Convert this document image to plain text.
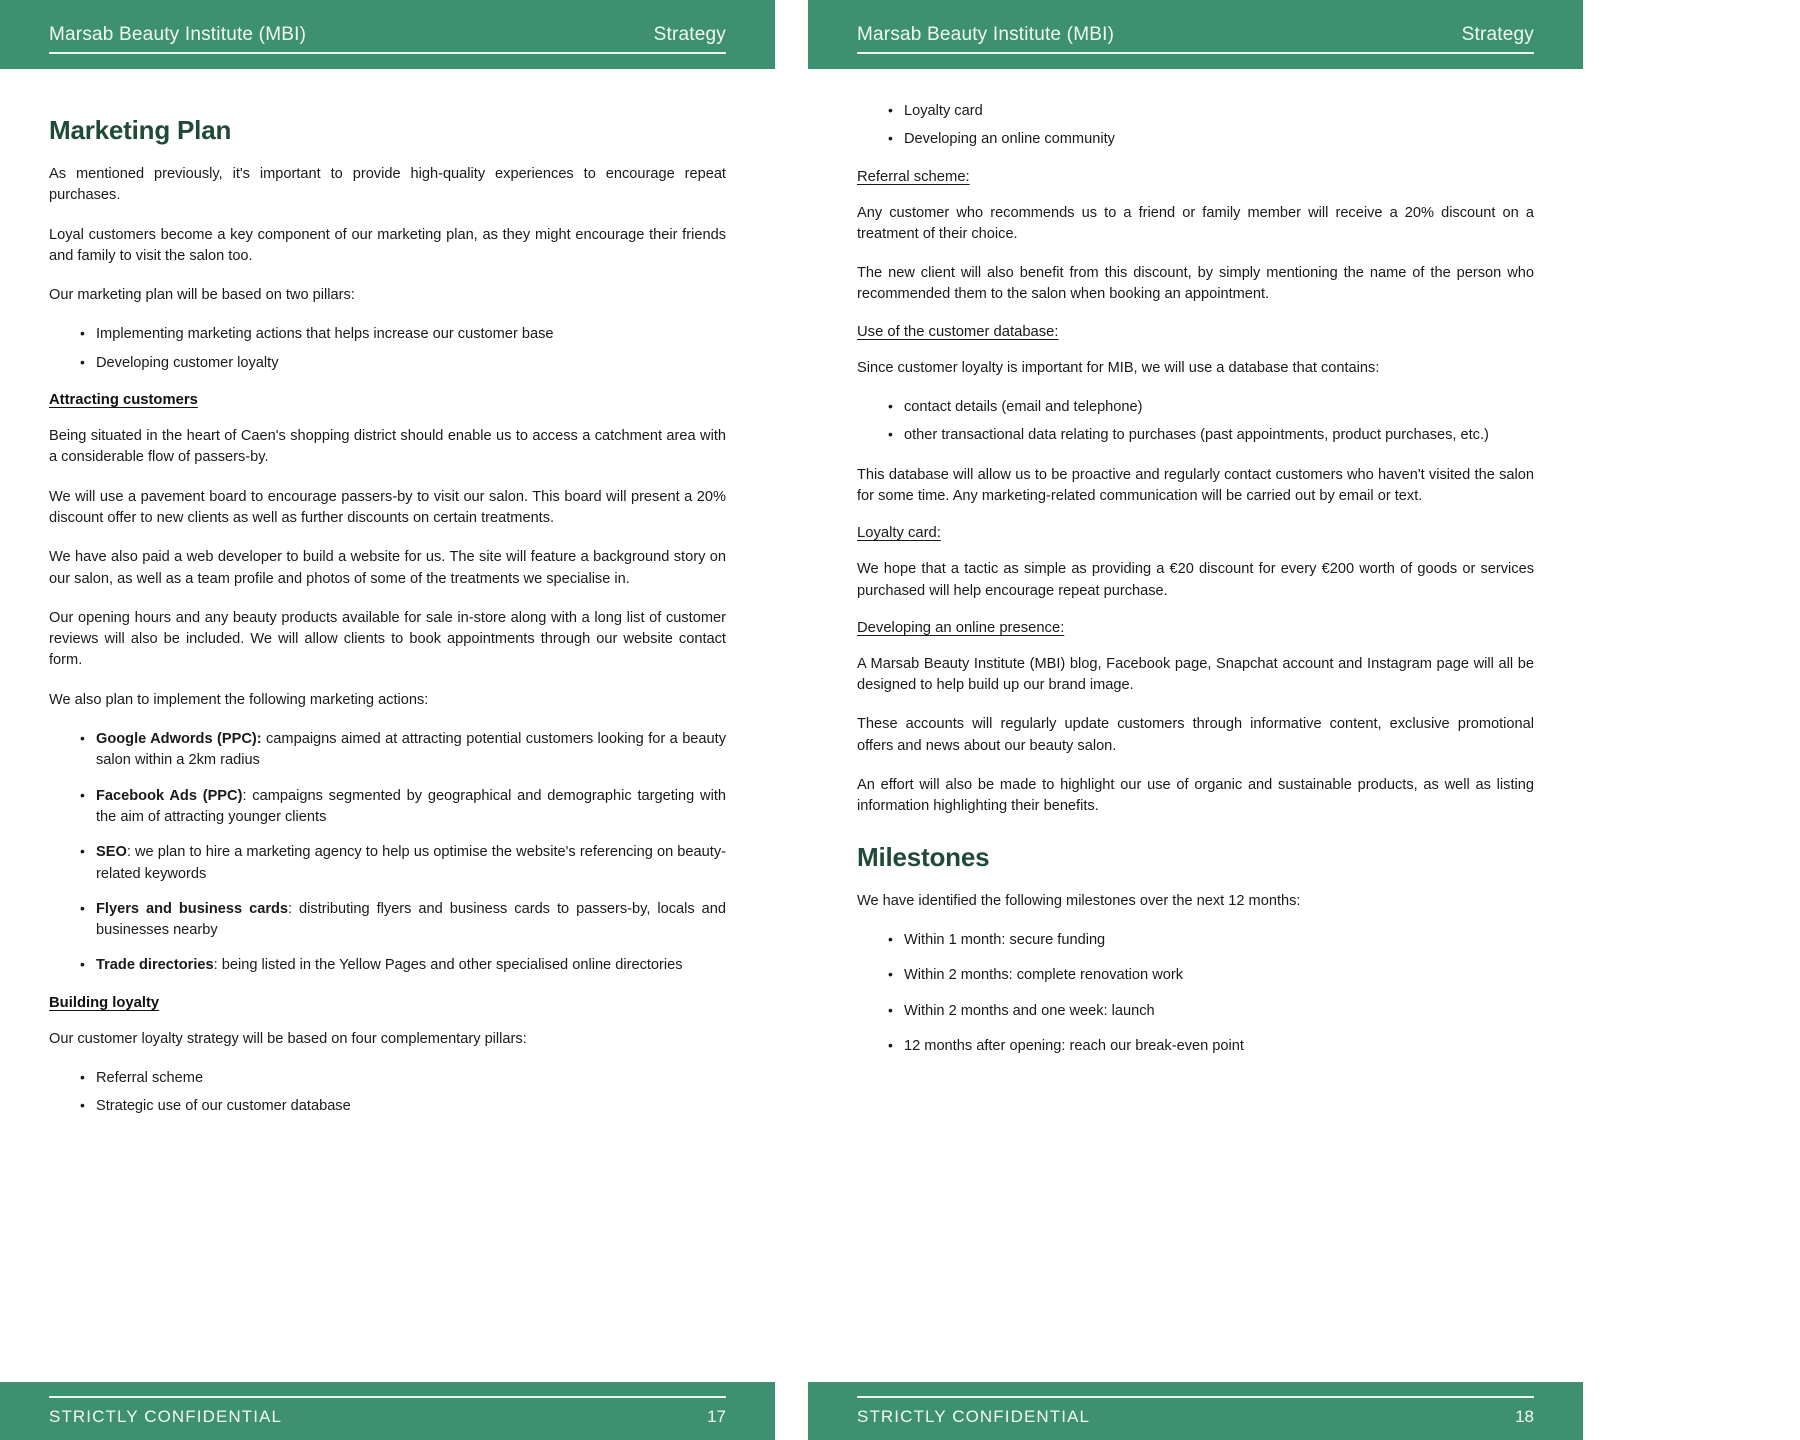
Marsab Beauty Institute (MBI)	Strategy
Marketing Plan

As mentioned previously, it's important to provide high-quality experiences to encourage repeat purchases.

Loyal customers become a key component of our marketing plan, as they might encourage their friends and family to visit the salon too.

Our marketing plan will be based on two pillars:

• Implementing marketing actions that helps increase our customer base
• Developing customer loyalty
Attracting customers

Being situated in the heart of Caen's shopping district should enable us to access a catchment area with a considerable flow of passers-by.

We will use a pavement board to encourage passers-by to visit our salon. This board will present a 20% discount offer to new clients as well as further discounts on certain treatments.

We have also paid a web developer to build a website for us. The site will feature a background story on our salon, as well as a team profile and photos of some of the treatments we specialise in.

Our opening hours and any beauty products available for sale in-store along with a long list of customer reviews will also be included. We will allow clients to book appointments through our website contact form.

We also plan to implement the following marketing actions:

• Google Adwords (PPC): campaigns aimed at attracting potential customers looking for a beauty salon within a 2km radius
• Facebook Ads (PPC): campaigns segmented by geographical and demographic targeting with the aim of attracting younger clients
• SEO: we plan to hire a marketing agency to help us optimise the website's referencing on beauty-related keywords
• Flyers and business cards: distributing flyers and business cards to passers-by, locals and businesses nearby
• Trade directories: being listed in the Yellow Pages and other specialised online directories
Building loyalty

Our customer loyalty strategy will be based on four complementary pillars:

• Referral scheme
• Strategic use of our customer database
STRICTLY CONFIDENTIAL	17
Marsab Beauty Institute (MBI)	Strategy
• Loyalty card
• Developing an online community
Referral scheme:

Any customer who recommends us to a friend or family member will receive a 20% discount on a treatment of their choice.

The new client will also benefit from this discount, by simply mentioning the name of the person who recommended them to the salon when booking an appointment.

Use of the customer database:

Since customer loyalty is important for MIB, we will use a database that contains:

• contact details (email and telephone)
• other transactional data relating to purchases (past appointments, product purchases, etc.)

This database will allow us to be proactive and regularly contact customers who haven't visited the salon for some time. Any marketing-related communication will be carried out by email or text.

Loyalty card:

We hope that a tactic as simple as providing a €20 discount for every €200 worth of goods or services purchased will help encourage repeat purchase.

Developing an online presence:

A Marsab Beauty Institute (MBI) blog, Facebook page, Snapchat account and Instagram page will all be designed to help build up our brand image.

These accounts will regularly update customers through informative content, exclusive promotional offers and news about our beauty salon.

An effort will also be made to highlight our use of organic and sustainable products, as well as listing information highlighting their benefits.

Milestones

We have identified the following milestones over the next 12 months:

• Within 1 month: secure funding
• Within 2 months: complete renovation work
• Within 2 months and one week: launch
• 12 months after opening: reach our break-even point
STRICTLY CONFIDENTIAL	18
